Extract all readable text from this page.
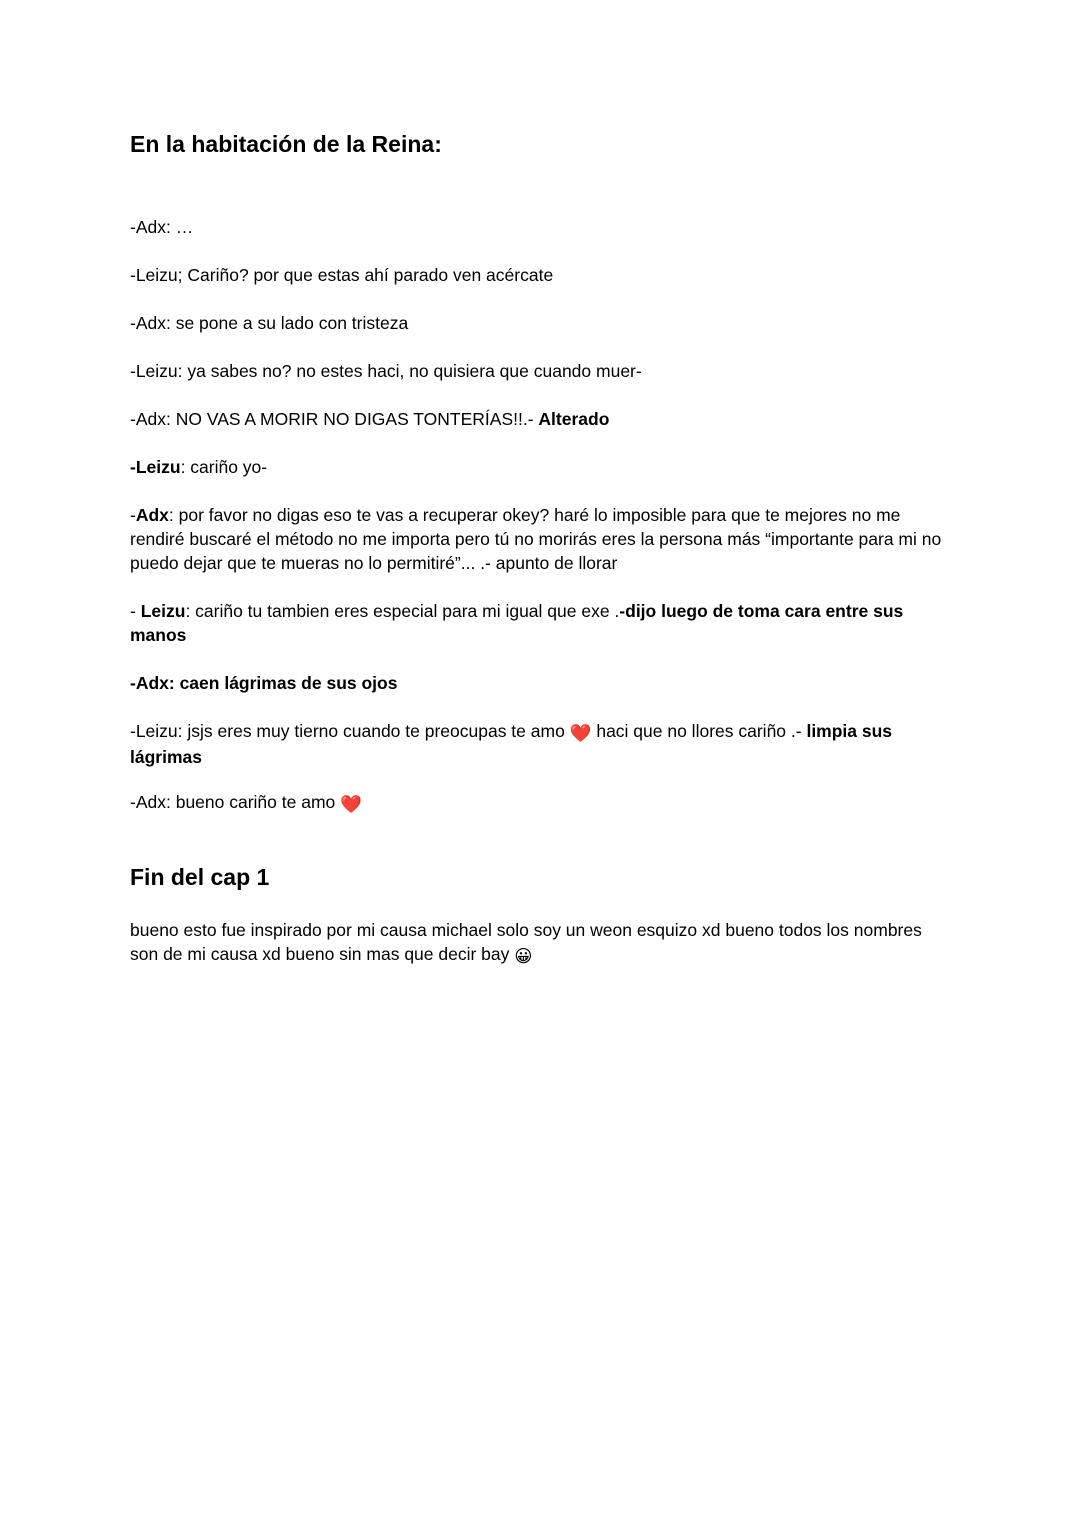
En la habitación de la Reina:

-Adx: …

-Leizu; Cariño? por que estas ahí parado ven acércate

-Adx: se pone a su lado con tristeza

-Leizu: ya sabes no? no estes haci, no quisiera que cuando muer-

-Adx: NO VAS A MORIR NO DIGAS TONTERÍAS!!.- Alterado

-Leizu: cariño yo-

-Adx: por favor no digas eso te vas a recuperar okey? haré lo imposible para que te mejores no me rendiré buscaré el método no me importa pero tú no morirás eres la persona más “importante para mi no puedo dejar que te mueras no lo permitiré”... .- apunto de llorar

- Leizu: cariño tu tambien eres especial para mi igual que exe .-dijo luego de toma cara entre sus manos

-Adx: caen lágrimas de sus ojos

-Leizu: jsjs eres muy tierno cuando te preocupas te amo ❤️ haci que no llores cariño .- limpia sus lágrimas

-Adx: bueno cariño te amo ❤️

Fin del cap 1

bueno esto fue inspirado por mi causa michael solo soy un weon esquizo xd bueno todos los nombres son de mi causa xd bueno sin mas que decir bay 😀
